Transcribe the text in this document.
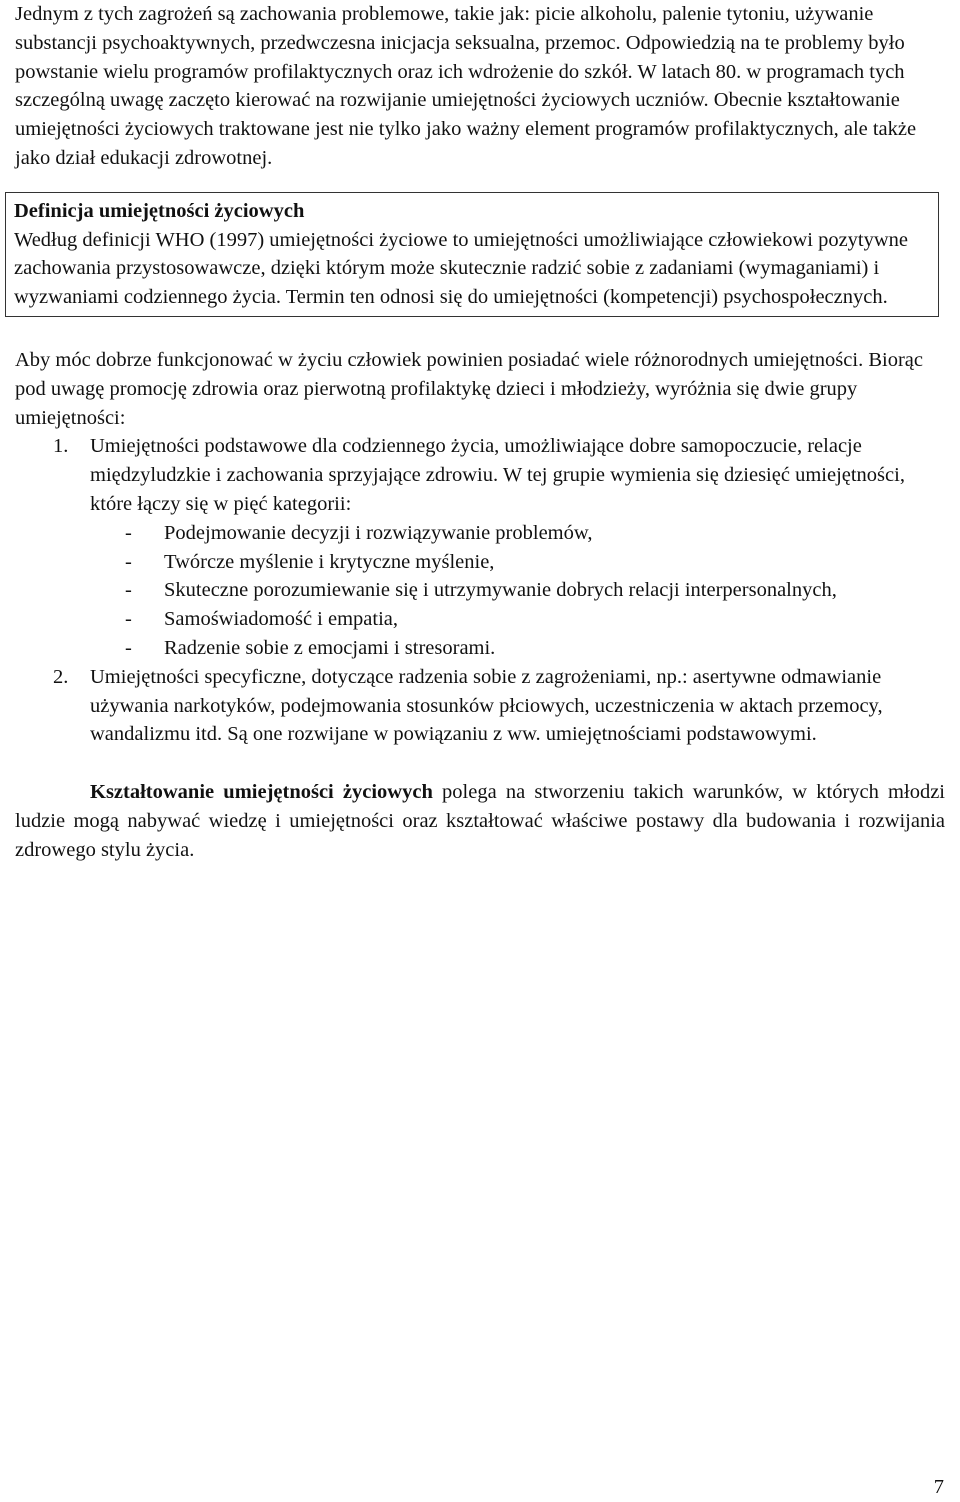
Jednym z tych zagrożeń są zachowania problemowe, takie jak: picie alkoholu, palenie tytoniu, używanie substancji psychoaktywnych, przedwczesna inicjacja seksualna, przemoc. Odpowiedzią na te problemy było powstanie wielu programów profilaktycznych oraz ich wdrożenie do szkół. W latach 80. w programach tych szczególną uwagę zaczęto kierować na rozwijanie umiejętności życiowych uczniów. Obecnie kształtowanie umiejętności życiowych traktowane jest nie tylko jako ważny element programów profilaktycznych, ale także jako dział edukacji zdrowotnej.

Definicja umiejętności życiowych

Według definicji WHO (1997) umiejętności życiowe to umiejętności umożliwiające człowiekowi pozytywne zachowania przystosowawcze, dzięki którym może skutecznie radzić sobie z zadaniami (wymaganiami) i wyzwaniami codziennego życia. Termin ten odnosi się do umiejętności (kompetencji) psychospołecznych.

Aby móc dobrze funkcjonować w życiu człowiek powinien posiadać wiele różnorodnych umiejętności. Biorąc pod uwagę promocję zdrowia oraz pierwotną profilaktykę dzieci i młodzieży, wyróżnia się dwie grupy umiejętności:

1. Umiejętności podstawowe dla codziennego życia, umożliwiające dobre samopoczucie, relacje międzyludzkie i zachowania sprzyjające zdrowiu. W tej grupie wymienia się dziesięć umiejętności, które łączy się w pięć kategorii:
- Podejmowanie decyzji i rozwiązywanie problemów,
- Twórcze myślenie i krytyczne myślenie,
- Skuteczne porozumiewanie się i utrzymywanie dobrych relacji interpersonalnych,
- Samoświadomość i empatia,
- Radzenie sobie z emocjami i stresorami.
2. Umiejętności specyficzne, dotyczące radzenia sobie z zagrożeniami, np.: asertywne odmawianie używania narkotyków, podejmowania stosunków płciowych, uczestniczenia w aktach przemocy, wandalizmu itd. Są one rozwijane w powiązaniu z ww. umiejętnościami podstawowymi.

Kształtowanie umiejętności życiowych polega na stworzeniu takich warunków, w których młodzi ludzie mogą nabywać wiedzę i umiejętności oraz kształtować właściwe postawy dla budowania i rozwijania zdrowego stylu życia.

7
